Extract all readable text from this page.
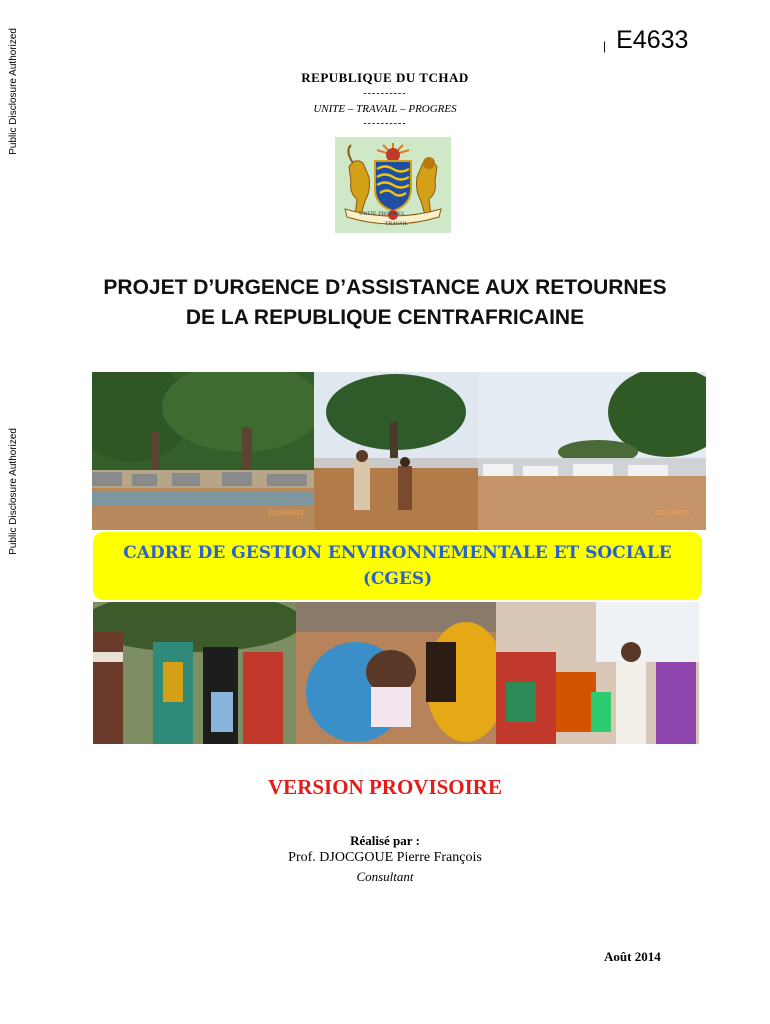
Public Disclosure Authorized
Public Disclosure Authorized
| E4633
REPUBLIQUE DU TCHAD
----------
UNITE – TRAVAIL – PROGRES
----------
UNITE PROGRES
TRAVAIL
PROJET D’URGENCE D’ASSISTANCE AUX RETOURNES
DE LA REPUBLIQUE CENTRAFRICAINE
2014/06/09	2014/06/09
CADRE DE GESTION ENVIRONNEMENTALE ET SOCIALE
(CGES)
VERSION PROVISOIRE
Réalisé par :
Prof. DJOCGOUE Pierre François
Consultant
Août 2014
